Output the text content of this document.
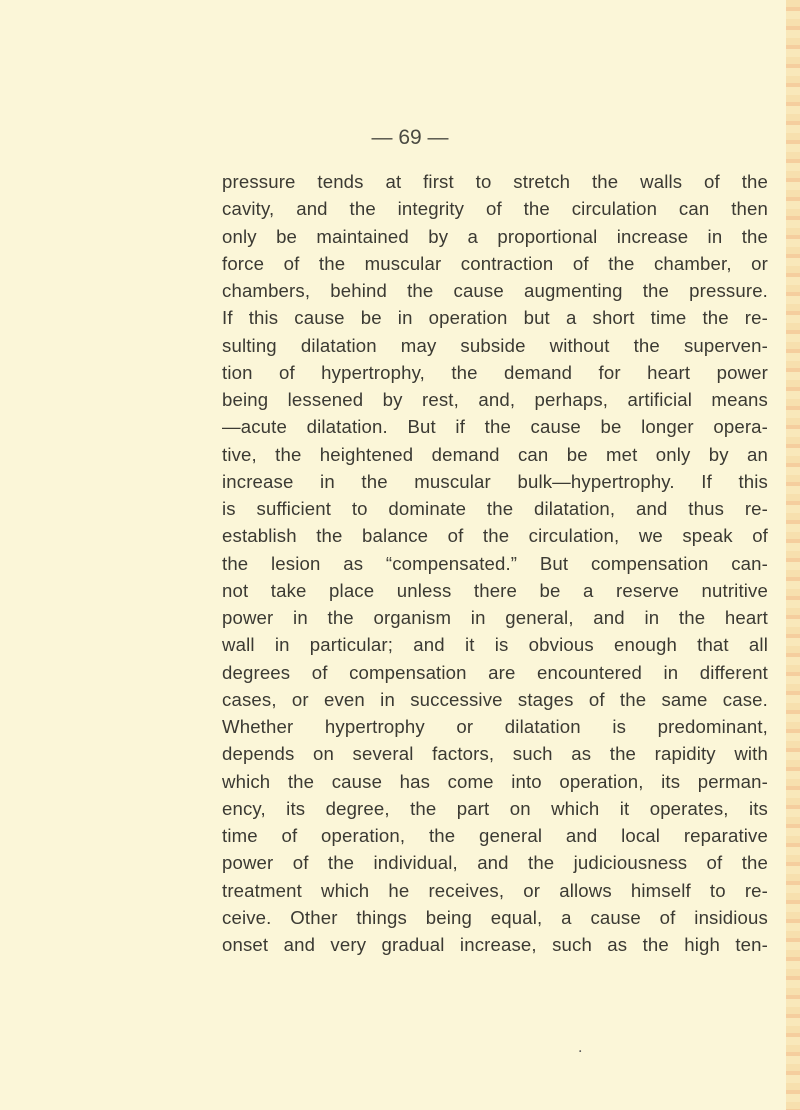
— 69 —
pressure tends at first to stretch the walls of the
cavity, and the integrity of the circulation can then
only be maintained by a proportional increase in the
force of the muscular contraction of the chamber, or
chambers, behind the cause augmenting the pressure.
If this cause be in operation but a short time the re-
sulting dilatation may subside without the superven-
tion of hypertrophy, the demand for heart power
being lessened by rest, and, perhaps, artificial means
—acute dilatation. But if the cause be longer opera-
tive, the heightened demand can be met only by an
increase in the muscular bulk—hypertrophy. If this
is sufficient to dominate the dilatation, and thus re-
establish the balance of the circulation, we speak of
the lesion as “compensated.” But compensation can-
not take place unless there be a reserve nutritive
power in the organism in general, and in the heart
wall in particular; and it is obvious enough that all
degrees of compensation are encountered in different
cases, or even in successive stages of the same case.
Whether hypertrophy or dilatation is predominant,
depends on several factors, such as the rapidity with
which the cause has come into operation, its perman-
ency, its degree, the part on which it operates, its
time of operation, the general and local reparative
power of the individual, and the judiciousness of the
treatment which he receives, or allows himself to re-
ceive. Other things being equal, a cause of insidious
onset and very gradual increase, such as the high ten-
·
